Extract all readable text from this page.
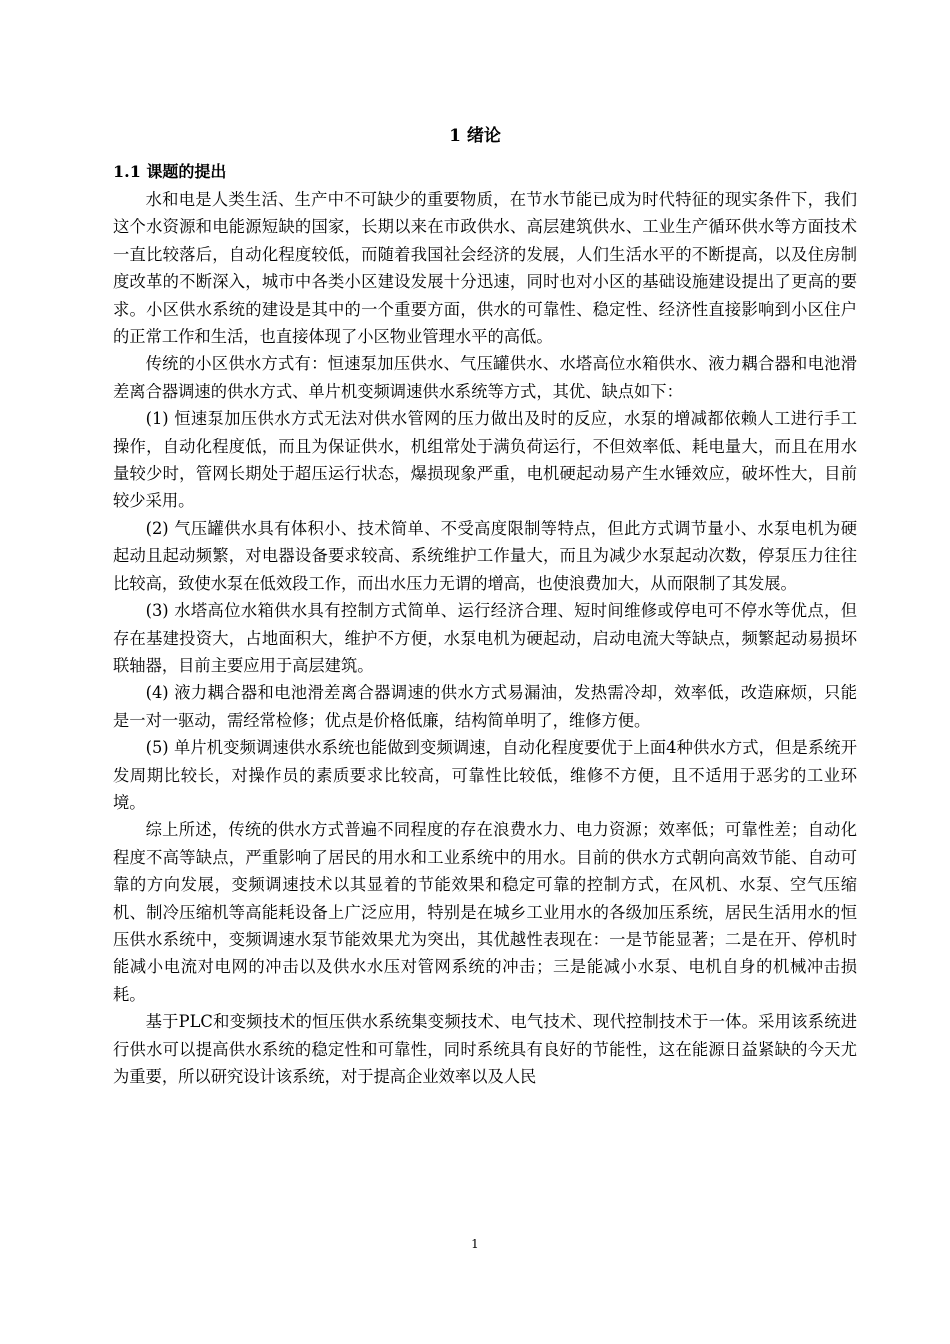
1 绪论
1.1 课题的提出

水和电是人类生活、生产中不可缺少的重要物质，在节水节能已成为时代特征的现实条件下，我们这个水资源和电能源短缺的国家，长期以来在市政供水、高层建筑供水、工业生产循环供水等方面技术一直比较落后，自动化程度较低，而随着我国社会经济的发展，人们生活水平的不断提高，以及住房制度改革的不断深入，城市中各类小区建设发展十分迅速，同时也对小区的基础设施建设提出了更高的要求。小区供水系统的建设是其中的一个重要方面，供水的可靠性、稳定性、经济性直接影响到小区住户的正常工作和生活，也直接体现了小区物业管理水平的高低。

传统的小区供水方式有：恒速泵加压供水、气压罐供水、水塔高位水箱供水、液力耦合器和电池滑差离合器调速的供水方式、单片机变频调速供水系统等方式，其优、缺点如下：

(1) 恒速泵加压供水方式无法对供水管网的压力做出及时的反应，水泵的增减都依赖人工进行手工操作，自动化程度低，而且为保证供水，机组常处于满负荷运行，不但效率低、耗电量大，而且在用水量较少时，管网长期处于超压运行状态，爆损现象严重，电机硬起动易产生水锤效应，破坏性大，目前较少采用。

(2) 气压罐供水具有体积小、技术简单、不受高度限制等特点，但此方式调节量小、水泵电机为硬起动且起动频繁，对电器设备要求较高、系统维护工作量大，而且为减少水泵起动次数，停泵压力往往比较高，致使水泵在低效段工作，而出水压力无谓的增高，也使浪费加大，从而限制了其发展。

(3) 水塔高位水箱供水具有控制方式简单、运行经济合理、短时间维修或停电可不停水等优点，但存在基建投资大，占地面积大，维护不方便，水泵电机为硬起动，启动电流大等缺点，频繁起动易损坏联轴器，目前主要应用于高层建筑。

(4) 液力耦合器和电池滑差离合器调速的供水方式易漏油，发热需冷却，效率低，改造麻烦，只能是一对一驱动，需经常检修；优点是价格低廉，结构简单明了，维修方便。

(5) 单片机变频调速供水系统也能做到变频调速，自动化程度要优于上面4种供水方式，但是系统开发周期比较长，对操作员的素质要求比较高，可靠性比较低，维修不方便，且不适用于恶劣的工业环境。

综上所述，传统的供水方式普遍不同程度的存在浪费水力、电力资源；效率低；可靠性差；自动化程度不高等缺点，严重影响了居民的用水和工业系统中的用水。目前的供水方式朝向高效节能、自动可靠的方向发展，变频调速技术以其显着的节能效果和稳定可靠的控制方式，在风机、水泵、空气压缩机、制冷压缩机等高能耗设备上广泛应用，特别是在城乡工业用水的各级加压系统，居民生活用水的恒压供水系统中，变频调速水泵节能效果尤为突出，其优越性表现在：一是节能显著；二是在开、停机时能减小电流对电网的冲击以及供水水压对管网系统的冲击；三是能减小水泵、电机自身的机械冲击损耗。

基于PLC和变频技术的恒压供水系统集变频技术、电气技术、现代控制技术于一体。采用该系统进行供水可以提高供水系统的稳定性和可靠性，同时系统具有良好的节能性，这在能源日益紧缺的今天尤为重要，所以研究设计该系统，对于提高企业效率以及人民

1
